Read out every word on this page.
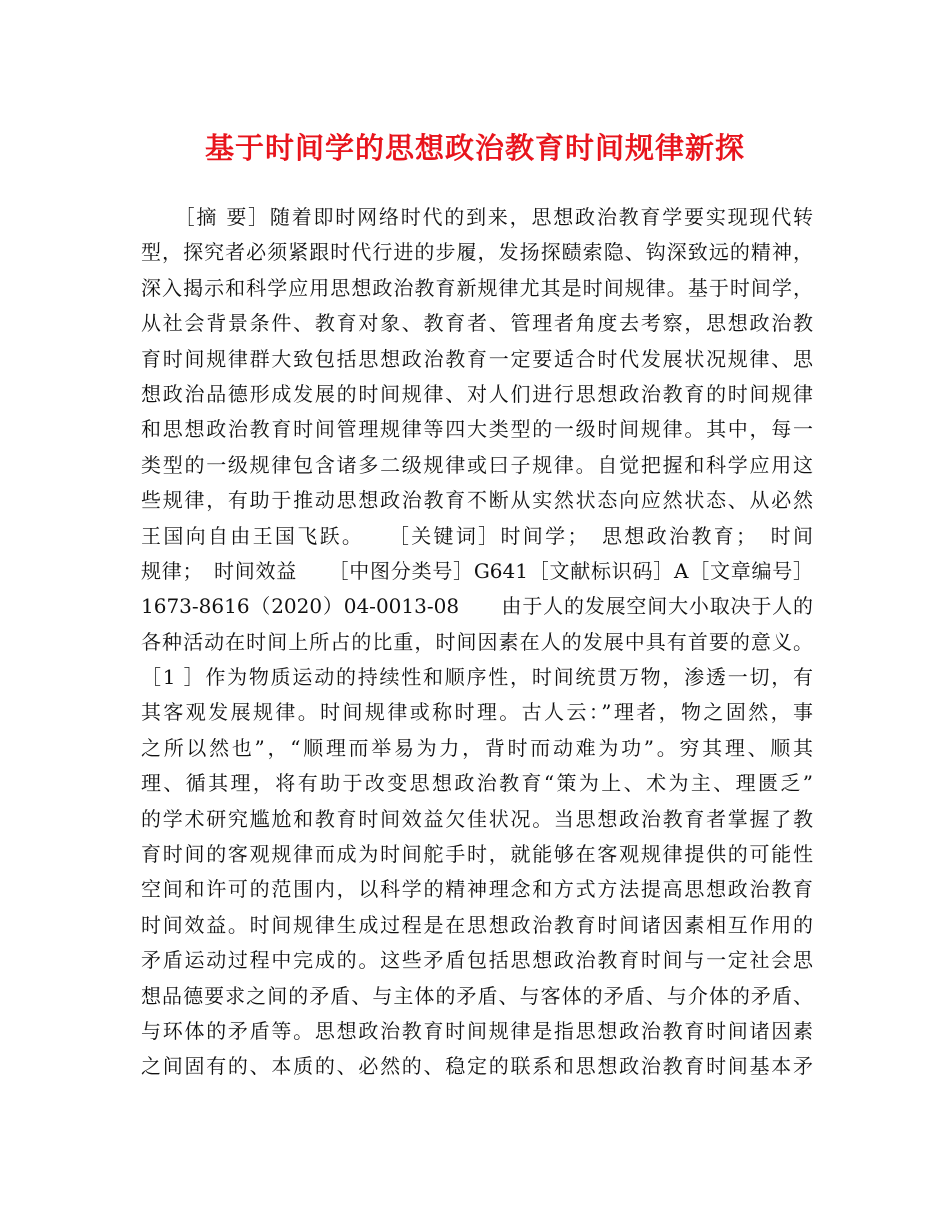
基于时间学的思想政治教育时间规律新探
　　［摘 要］随着即时网络时代的到来，思想政治教育学要实现现代转
型，探究者必须紧跟时代行进的步履，发扬探赜索隐、钩深致远的精神，
深入揭示和科学应用思想政治教育新规律尤其是时间规律。基于时间学，
从社会背景条件、教育对象、教育者、管理者角度去考察，思想政治教
育时间规律群大致包括思想政治教育一定要适合时代发展状况规律、思
想政治品德形成发展的时间规律、对人们进行思想政治教育的时间规律
和思想政治教育时间管理规律等四大类型的一级时间规律。其中，每一
类型的一级规律包含诸多二级规律或曰子规律。自觉把握和科学应用这
些规律，有助于推动思想政治教育不断从实然状态向应然状态、从必然
王国向自由王国飞跃。　　［关键词］时间学；　思想政治教育；　时间
规律；　时间效益　　［中图分类号］G641［文献标识码］A［文章编号］
1673-8616（2020）04-0013-08　　由于人的发展空间大小取决于人的
各种活动在时间上所占的比重，时间因素在人的发展中具有首要的意义。
［1 ］作为物质运动的持续性和顺序性，时间统贯万物，渗透一切，有
其客观发展规律。时间规律或称时理。古人云：”理者，物之固然，事
之所以然也”，“顺理而举易为力，背时而动难为功”。穷其理、顺其
理、循其理，将有助于改变思想政治教育“策为上、术为主、理匮乏”
的学术研究尴尬和教育时间效益欠佳状况。当思想政治教育者掌握了教
育时间的客观规律而成为时间舵手时，就能够在客观规律提供的可能性
空间和许可的范围内，以科学的精神理念和方式方法提高思想政治教育
时间效益。时间规律生成过程是在思想政治教育时间诸因素相互作用的
矛盾运动过程中完成的。这些矛盾包括思想政治教育时间与一定社会思
想品德要求之间的矛盾、与主体的矛盾、与客体的矛盾、与介体的矛盾、
与环体的矛盾等。思想政治教育时间规律是指思想政治教育时间诸因素
之间固有的、本质的、必然的、稳定的联系和思想政治教育时间基本矛
